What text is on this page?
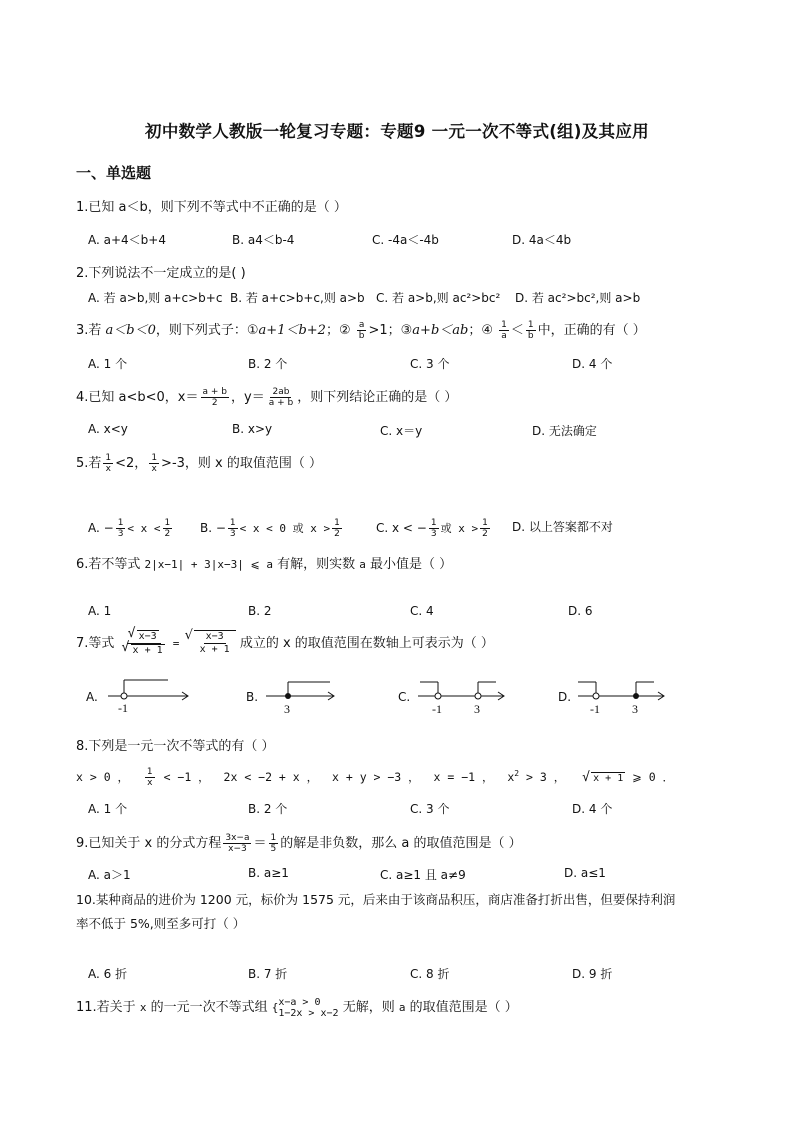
初中数学人教版一轮复习专题：专题9 一元一次不等式(组)及其应用
一、单选题
1.已知 a＜b，则下列不等式中不正确的是（ ）
A. a+4＜b+4	B. a4＜b-4	C. -4a＜-4b	D. 4a＜4b
2.下列说法不一定成立的是( )
A. 若 a>b,则 a+c>b+c B. 若 a+c>b+c,则 a>b C. 若 a>b,则 ac²>bc² D. 若 ac²>bc²,则 a>b
3.若 a＜b＜0，则下列式子：①a+1＜b+2；② $\frac{a}{b} >1$；③a+b＜ab；④ $\frac{1}{a} < \frac{1}{b}$ 中，正确的有（ ）
A. 1 个	B. 2 个	C. 3 个	D. 4 个
4.已知 a<b<0，$x= \frac{a + b}{2}$ ，$y= \frac{2ab}{a + b}$ ，则下列结论正确的是（ ）
A. x<y	B. x>y	C. x＝y	D. 无法确定
5.若 $\frac{1}{x} <2$， $\frac{1}{x} >-3$，则 x 的取值范围（ ）
A. − $\frac{1}{3} < x < \frac{1}{2} B$. − $\frac{1}{3} < x < 0$ 或 $x > \frac{1}{2}$	C. x < − $\frac{1}{3}$ 或 $x > \frac{1}{2} D$. 以上答案都不对
6.若不等式 2|x−1| + 3|x−3| ⩽ a 有解，则实数 a 最小值是（ ）
A. 1	B. 2	C. 4	D. 6
7.等式 √ x−3
√ x + 1 = √ $\frac{x-3}{x + 1}$ 成立的 x 的取值范围在数轴上可表示为（ ）
A.
-1
B.
3
C.
-1	3
D.
-1	3
8.下列是一元一次不等式的有（ ）
x > 0 ， $\frac{1}{x} < -1$ ， 2x < −2 + x ， x + y > −3 ， x = −1 ， $x^2 > 3$ ，	√ x + 1 ⩾ 0 ．
A. 1 个	B. 2 个	C. 3 个	D. 4 个
9.已知关于 x 的分式方程 $\frac{3x-a}{x-3} = \frac{1}{5}$ 的解是非负数，那么 a 的取值范围是（ ）
A. a＞1	B. a≥1	C. a≥1 且 a≠9	D. a≤1
10.某种商品的进价为 1200 元，标价为 1575 元，后来由于该商品积压，商店准备打折出售，但要保持利润
率不低于 5%,则至多可打（ ）
A. 6 折	B. 7 折	C. 8 折	D. 9 折
11.若关于 x 的一元一次不等式组 { x−a > 0
1−2x > x−2 无解，则 a 的取值范围是（ ）
